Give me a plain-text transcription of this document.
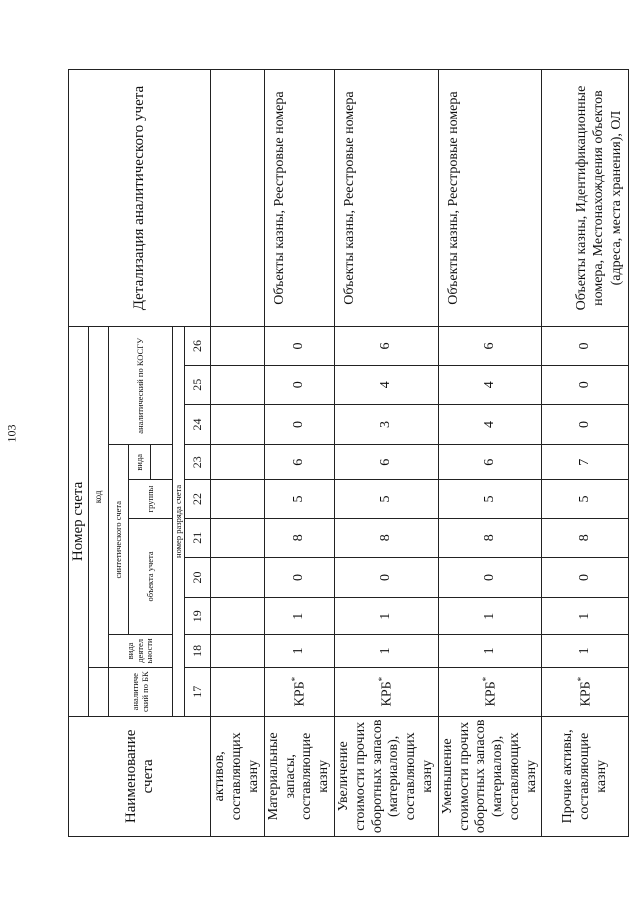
103
Наименование счета	Номер счета										Детализация аналитического учета
		код									
	аналитиче ский по БК	вида деятел ьности	синтетического счета					аналитический по КОСГУ			
			объекта учета			группы	вида				

	номер разряда счета										
	17	18	19	20	21	22	23	24	25	26	
активов, составляющих казну											
Материальные запасы, составляющие казну	КРБ*	1	1	0	8	5	6	0	0	0	Объекты казны, Реестровые номера
Увеличение стоимости прочих оборотных запасов (материалов), составляющих казну	КРБ*	1	1	0	8	5	6	3	4	6	Объекты казны, Реестровые номера
Уменьшение стоимости прочих оборотных запасов (материалов), составляющих казну	КРБ*	1	1	0	8	5	6	4	4	6	Объекты казны, Реестровые номера
Прочие активы, составляющие казну	КРБ*	1	1	0	8	5	7	0	0	0	Объекты казны, Идентификационные номера, Местонахождения объектов (адреса, места хранения), ОЛ
